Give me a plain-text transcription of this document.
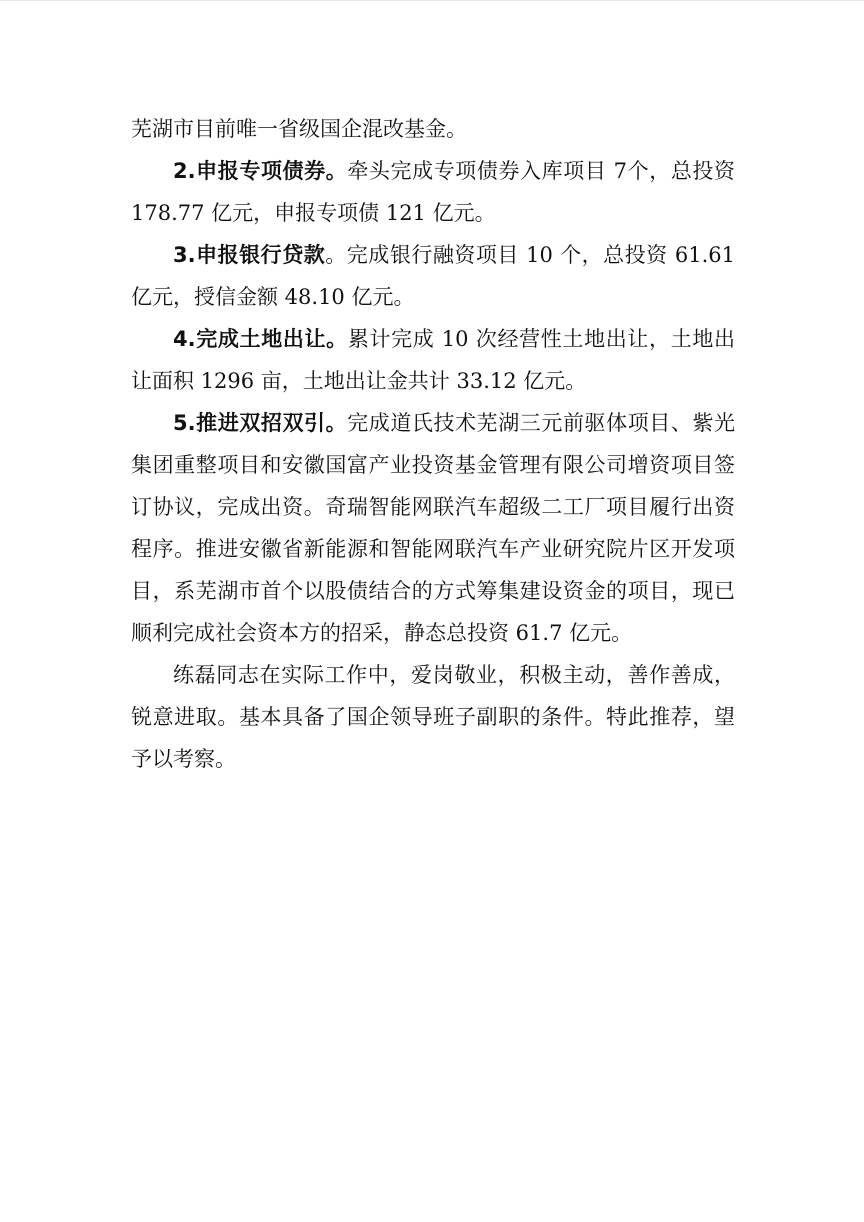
芜湖市目前唯一省级国企混改基金。

2.申报专项债券。牵头完成专项债券入库项目 7个，总投资 178.77 亿元，申报专项债 121 亿元。

3.申报银行贷款。完成银行融资项目 10 个，总投资 61.61 亿元，授信金额 48.10 亿元。

4.完成土地出让。累计完成 10 次经营性土地出让，土地出让面积 1296 亩，土地出让金共计 33.12 亿元。

5.推进双招双引。完成道氏技术芜湖三元前驱体项目、紫光集团重整项目和安徽国富产业投资基金管理有限公司增资项目签订协议，完成出资。奇瑞智能网联汽车超级二工厂项目履行出资程序。推进安徽省新能源和智能网联汽车产业研究院片区开发项目，系芜湖市首个以股债结合的方式筹集建设资金的项目，现已顺利完成社会资本方的招采，静态总投资 61.7 亿元。

练磊同志在实际工作中，爱岗敬业，积极主动，善作善成，锐意进取。基本具备了国企领导班子副职的条件。特此推荐，望予以考察。
